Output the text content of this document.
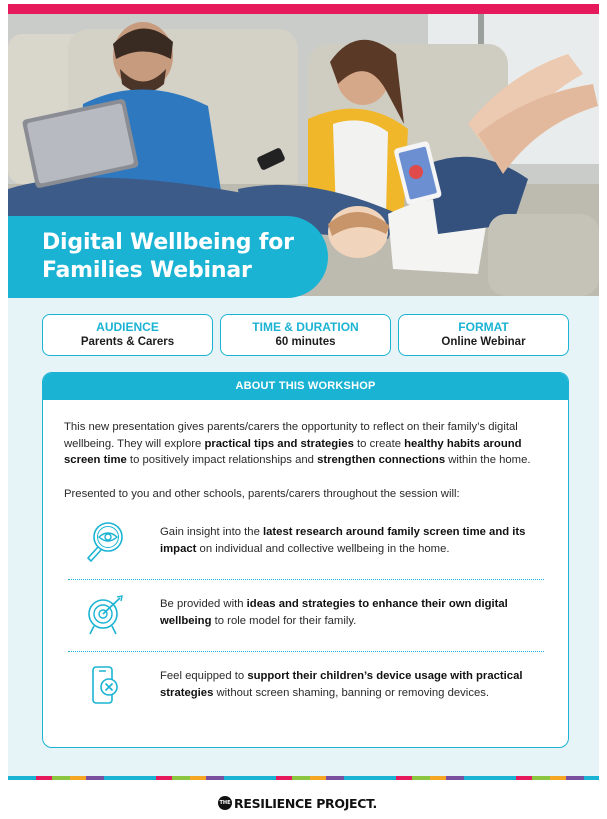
Digital Wellbeing for
Families Webinar
AUDIENCE
Parents & Carers
TIME & DURATION
60 minutes
FORMAT
Online Webinar
ABOUT THIS WORKSHOP

This new presentation gives parents/carers the opportunity to reflect on their family’s digital wellbeing. They will explore practical tips and strategies to create healthy habits around screen time to positively impact relationships and strengthen connections within the home.

Presented to you and other schools, parents/carers throughout the session will:

Gain insight into the latest research around family screen time and its impact on individual and collective wellbeing in the home.
Be provided with ideas and strategies to enhance their own digital wellbeing to role model for their family.
Feel equipped to support their children’s device usage with practical strategies without screen shaming, banning or removing devices.
THE RESILIENCE PROJECT.
